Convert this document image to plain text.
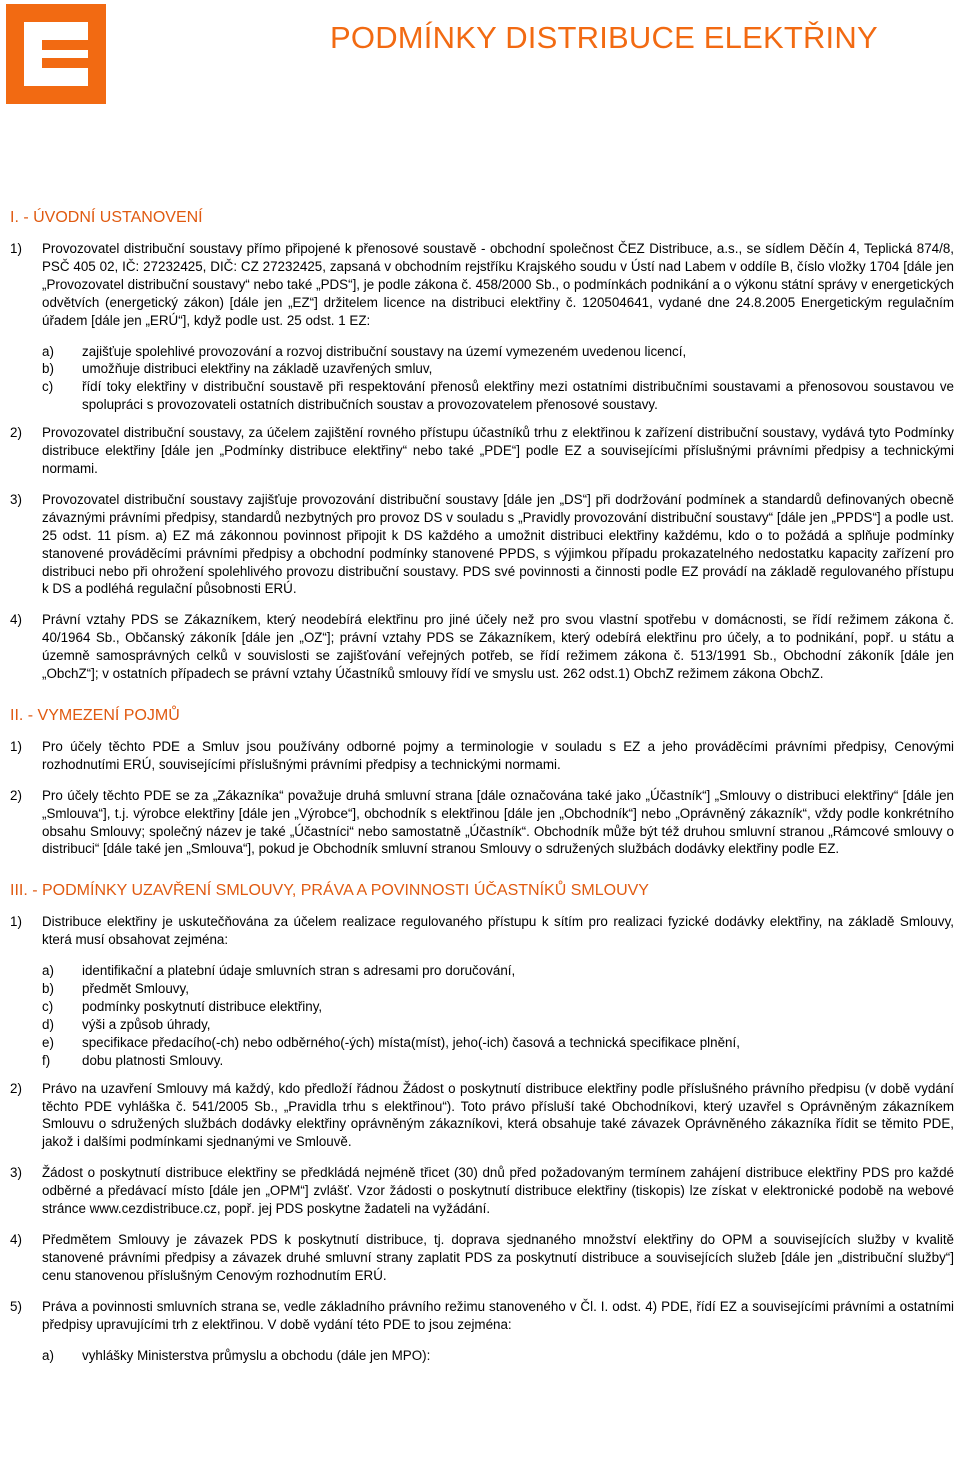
PODMÍNKY DISTRIBUCE ELEKTŘINY
I. - ÚVODNÍ USTANOVENÍ
1)	Provozovatel distribuční soustavy přímo připojené k přenosové soustavě - obchodní společnost ČEZ Distribuce, a.s., se sídlem Děčín 4, Teplická 874/8, PSČ 405 02, IČ: 27232425, DIČ: CZ 27232425, zapsaná v obchodním rejstříku Krajského soudu v Ústí nad Labem v oddíle B, číslo vložky 1704 [dále jen „Provozovatel distribuční soustavy“ nebo také „PDS“], je podle zákona č. 458/2000 Sb., o podmínkách podnikání a o výkonu státní správy v energetických odvětvích (energetický zákon) [dále jen „EZ“] držitelem licence na distribuci elektřiny č. 120504641, vydané dne 24.8.2005 Energetickým regulačním úřadem [dále jen „ERÚ“], když podle ust. 25 odst. 1 EZ:
a)	zajišťuje spolehlivé provozování a rozvoj distribuční soustavy na území vymezeném uvedenou licencí,
b)	umožňuje distribuci elektřiny na základě uzavřených smluv,
c)	řídí toky elektřiny v distribuční soustavě při respektování přenosů elektřiny mezi ostatními distribučními soustavami a přenosovou soustavou ve spolupráci s provozovateli ostatních distribučních soustav a provozovatelem přenosové soustavy.
2)	Provozovatel distribuční soustavy, za účelem zajištění rovného přístupu účastníků trhu z elektřinou k zařízení distribuční soustavy, vydává tyto Podmínky distribuce elektřiny [dále jen „Podmínky distribuce elektřiny“ nebo také „PDE“] podle EZ a souvisejícími příslušnými právními předpisy a technickými normami.
3)	Provozovatel distribuční soustavy zajišťuje provozování distribuční soustavy [dále jen „DS“] při dodržování podmínek a standardů definovaných obecně závaznými právními předpisy, standardů nezbytných pro provoz DS v souladu s „Pravidly provozování distribuční soustavy“ [dále jen „PPDS“] a podle ust. 25 odst. 11 písm. a) EZ má zákonnou povinnost připojit k DS každého a umožnit distribuci elektřiny každému, kdo o to požádá a splňuje podmínky stanovené prováděcími právními předpisy a obchodní podmínky stanovené PPDS, s výjimkou případu prokazatelného nedostatku kapacity zařízení pro distribuci nebo při ohrožení spolehlivého provozu distribuční soustavy. PDS své povinnosti a činnosti podle EZ provádí na základě regulovaného přístupu k DS a podléhá regulační působnosti ERÚ.
4)	Právní vztahy PDS se Zákazníkem, který neodebírá elektřinu pro jiné účely než pro svou vlastní spotřebu v domácnosti, se řídí režimem zákona č. 40/1964 Sb., Občanský zákoník [dále jen „OZ“]; právní vztahy PDS se Zákazníkem, který odebírá elektřinu pro účely, a to podnikání, popř. u státu a územně samosprávných celků v souvislosti se zajišťování veřejných potřeb, se řídí režimem zákona č. 513/1991 Sb., Obchodní zákoník [dále jen „ObchZ“]; v ostatních případech se právní vztahy Účastníků smlouvy řídí ve smyslu ust. 262 odst.1) ObchZ režimem zákona ObchZ.
II. - VYMEZENÍ POJMŮ
1)	Pro účely těchto PDE a Smluv jsou používány odborné pojmy a terminologie v souladu s EZ a jeho prováděcími právními předpisy, Cenovými rozhodnutími ERÚ, souvisejícími příslušnými právními předpisy a technickými normami.
2)	Pro účely těchto PDE se za „Zákazníka“ považuje druhá smluvní strana [dále označována také jako „Účastník“] „Smlouvy o distribuci elektřiny“ [dále jen „Smlouva“], t.j. výrobce elektřiny [dále jen „Výrobce“], obchodník s elektřinou [dále jen „Obchodník“] nebo „Oprávněný zákazník“, vždy podle konkrétního obsahu Smlouvy; společný název je také „Účastníci“ nebo samostatně „Účastník“. Obchodník může být též druhou smluvní stranou „Rámcové smlouvy o distribuci“ [dále také jen „Smlouva“], pokud je Obchodník smluvní stranou Smlouvy o sdružených službách dodávky elektřiny podle EZ.
III. - PODMÍNKY UZAVŘENÍ SMLOUVY, PRÁVA A POVINNOSTI ÚČASTNÍKŮ SMLOUVY
1)	Distribuce elektřiny je uskutečňována za účelem realizace regulovaného přístupu k sítím pro realizaci fyzické dodávky elektřiny, na základě Smlouvy, která musí obsahovat zejména:
a)	identifikační a platební údaje smluvních stran s adresami pro doručování,
b)	předmět Smlouvy,
c)	podmínky poskytnutí distribuce elektřiny,
d)	výši a způsob úhrady,
e)	specifikace předacího(-ch) nebo odběrného(-ých) místa(míst), jeho(-ich) časová a technická specifikace plnění,
f)	dobu platnosti Smlouvy.
2)	Právo na uzavření Smlouvy má každý, kdo předloží řádnou Žádost o poskytnutí distribuce elektřiny podle příslušného právního předpisu (v době vydání těchto PDE vyhláška č. 541/2005 Sb., „Pravidla trhu s elektřinou“). Toto právo přísluší také Obchodníkovi, který uzavřel s Oprávněným zákazníkem Smlouvu o sdružených službách dodávky elektřiny oprávněným zákazníkovi, která obsahuje také závazek Oprávněného zákazníka řídit se těmito PDE, jakož i dalšími podmínkami sjednanými ve Smlouvě.
3)	Žádost o poskytnutí distribuce elektřiny se předkládá nejméně třicet (30) dnů před požadovaným termínem zahájení distribuce elektřiny PDS pro každé odběrné a předávací místo [dále jen „OPM“] zvlášť. Vzor žádosti o poskytnutí distribuce elektřiny (tiskopis) lze získat v elektronické podobě na webové stránce www.cezdistribuce.cz, popř. jej PDS poskytne žadateli na vyžádání.
4)	Předmětem Smlouvy je závazek PDS k poskytnutí distribuce, tj. doprava sjednaného množství elektřiny do OPM a souvisejících služby v kvalitě stanovené právními předpisy a závazek druhé smluvní strany zaplatit PDS za poskytnutí distribuce a souvisejících služeb [dále jen „distribuční služby“] cenu stanovenou příslušným Cenovým rozhodnutím ERÚ.
5)	Práva a povinnosti smluvních strana se, vedle základního právního režimu stanoveného v Čl. I. odst. 4) PDE, řídí EZ a souvisejícími právními a ostatními předpisy upravujícími trh z elektřinou. V době vydání této PDE to jsou zejména:
a)	vyhlášky Ministerstva průmyslu a obchodu (dále jen MPO):
